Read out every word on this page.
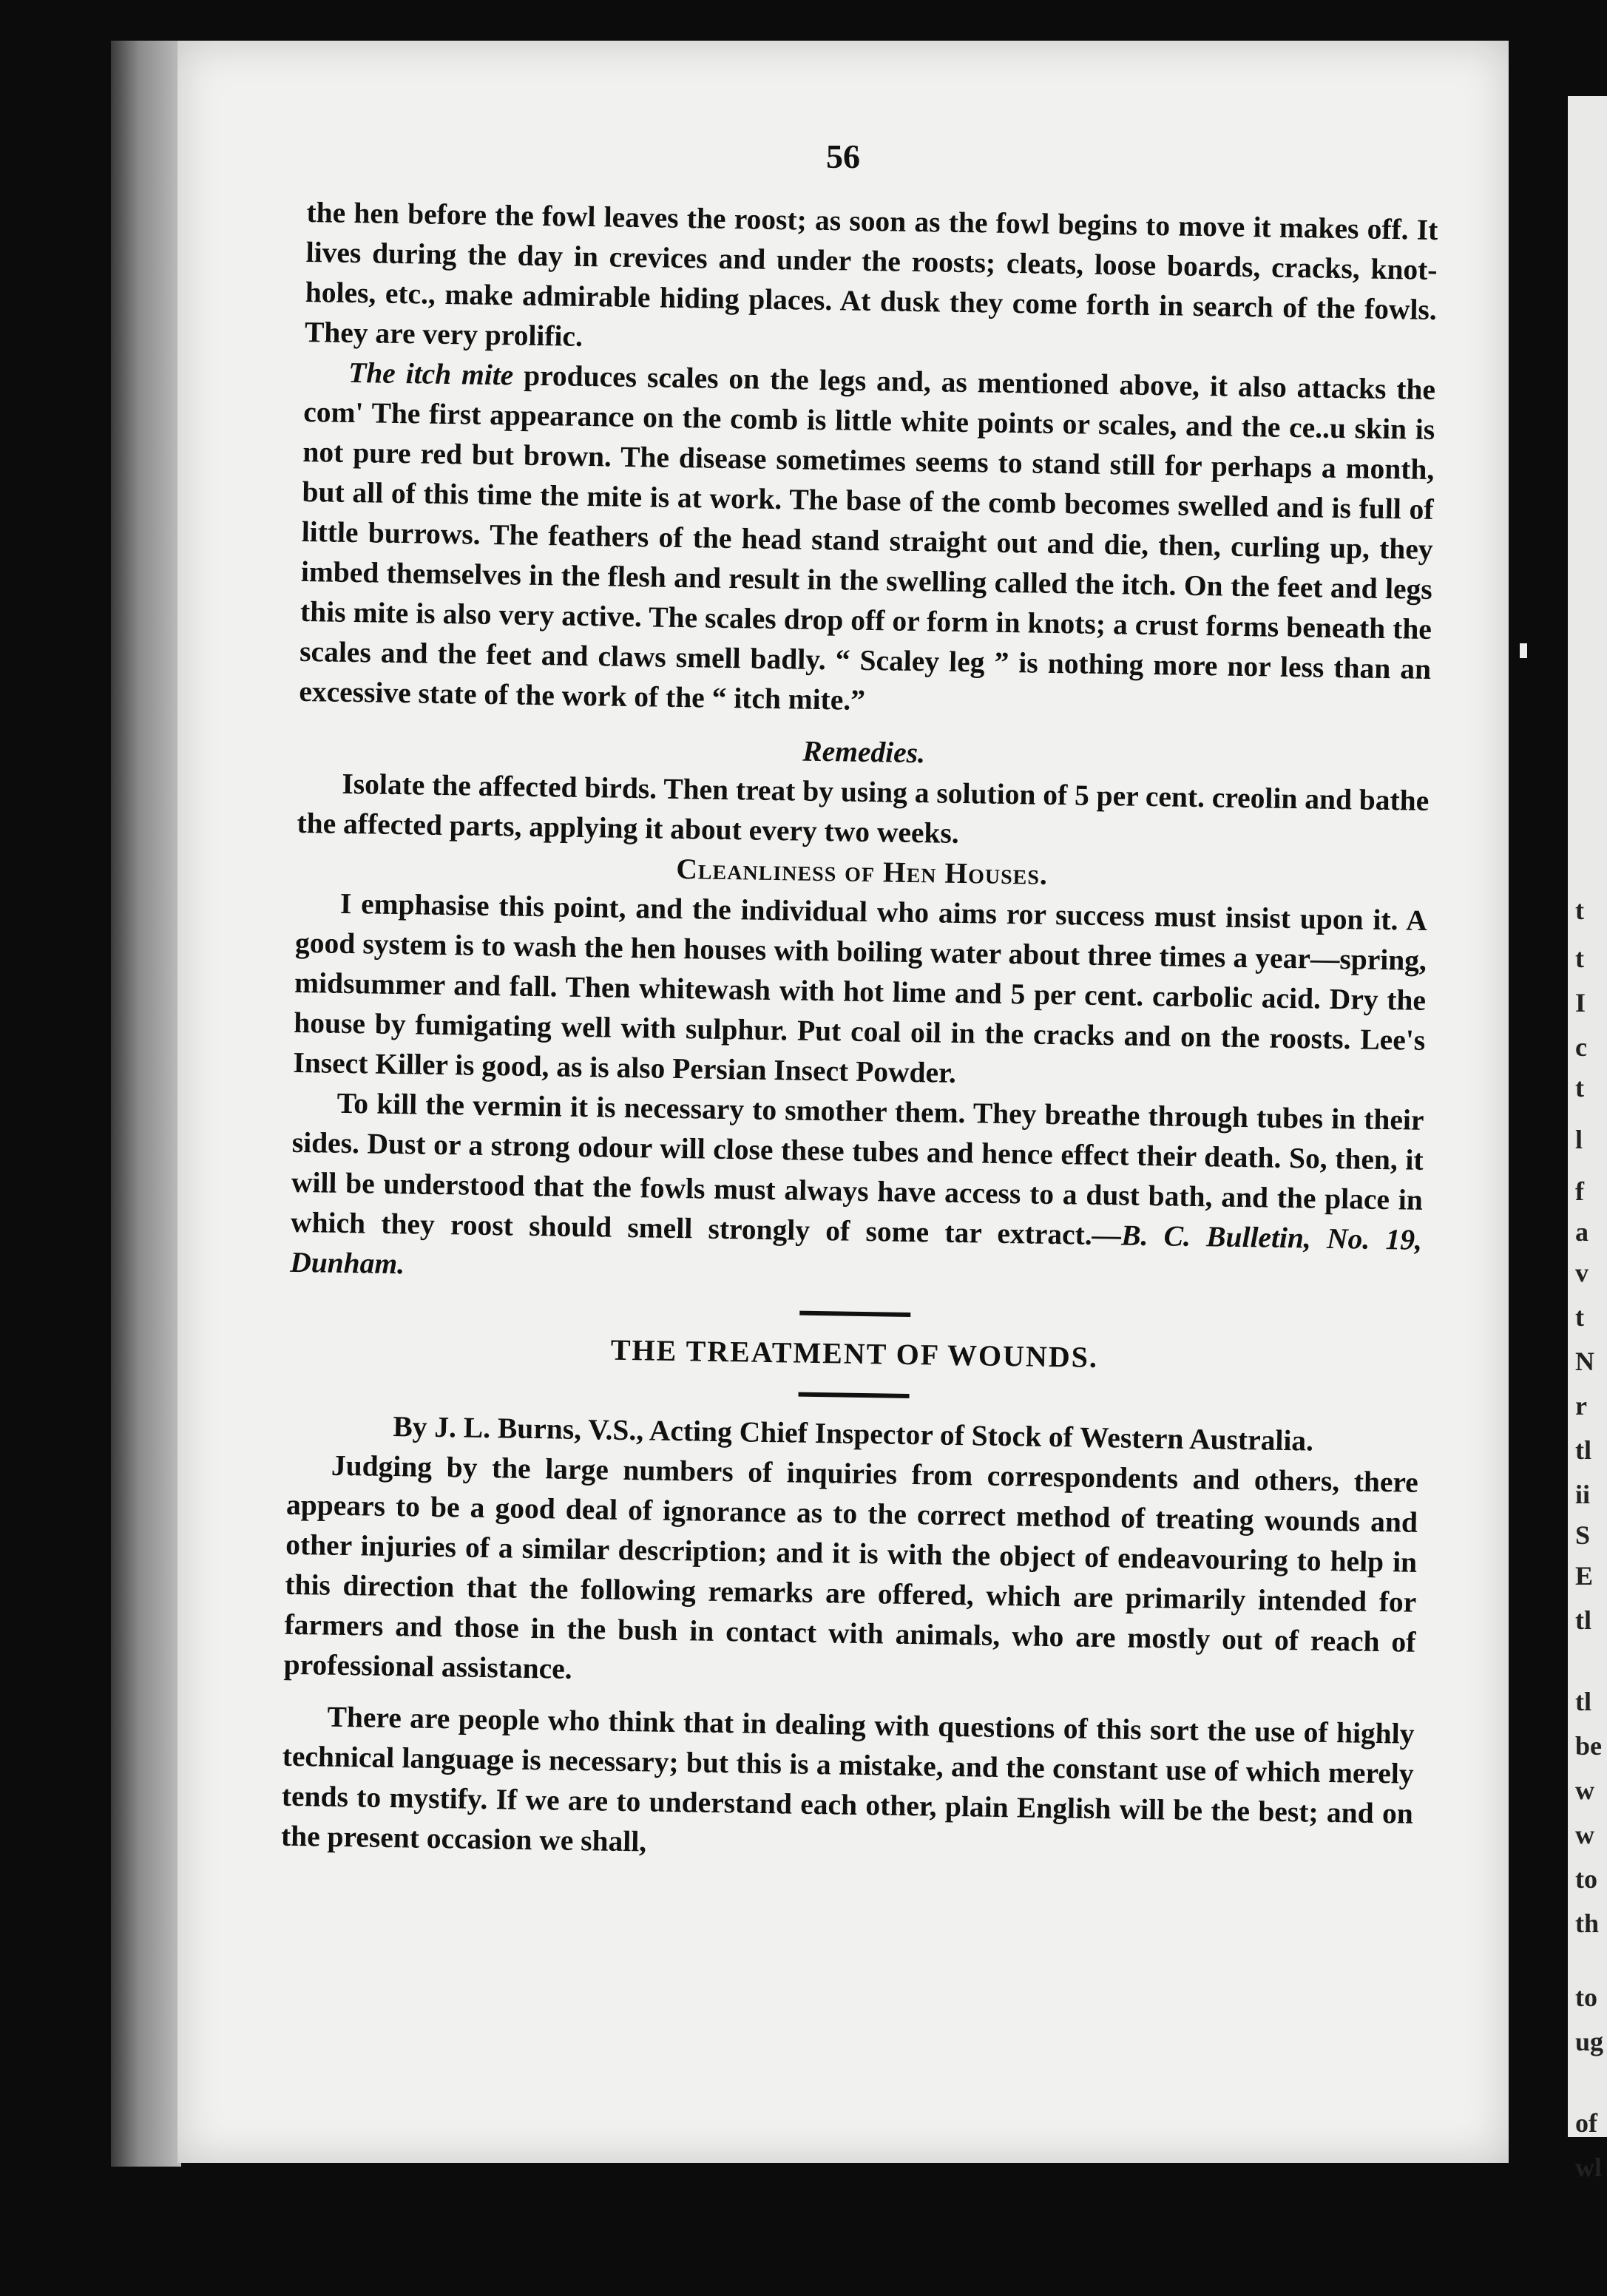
56

the hen before the fowl leaves the roost; as soon as the fowl begins to move it makes off. It lives during the day in crevices and under the roosts; cleats, loose boards, cracks, knot-holes, etc., make admirable hiding places. At dusk they come forth in search of the fowls. They are very prolific.

The itch mite produces scales on the legs and, as mentioned above, it also attacks the com' The first appearance on the comb is little white points or scales, and the ce..u skin is not pure red but brown. The disease sometimes seems to stand still for perhaps a month, but all of this time the mite is at work. The base of the comb becomes swelled and is full of little burrows. The feathers of the head stand straight out and die, then, curling up, they imbed themselves in the flesh and result in the swelling called the itch. On the feet and legs this mite is also very active. The scales drop off or form in knots; a crust forms beneath the scales and the feet and claws smell badly. “ Scaley leg ” is nothing more nor less than an excessive state of the work of the “ itch mite.”

Remedies.

Isolate the affected birds. Then treat by using a solution of 5 per cent. creolin and bathe the affected parts, applying it about every two weeks.

Cleanliness of Hen Houses.

I emphasise this point, and the individual who aims ror success must insist upon it. A good system is to wash the hen houses with boiling water about three times a year—spring, midsummer and fall. Then whitewash with hot lime and 5 per cent. carbolic acid. Dry the house by fumigating well with sulphur. Put coal oil in the cracks and on the roosts. Lee's Insect Killer is good, as is also Persian Insect Powder.

To kill the vermin it is necessary to smother them. They breathe through tubes in their sides. Dust or a strong odour will close these tubes and hence effect their death. So, then, it will be understood that the fowls must always have access to a dust bath, and the place in which they roost should smell strongly of some tar extract.—B. C. Bulletin, No. 19, Dunham.

THE TREATMENT OF WOUNDS.

By J. L. Burns, V.S., Acting Chief Inspector of Stock of Western Australia.

Judging by the large numbers of inquiries from correspondents and others, there appears to be a good deal of ignorance as to the correct method of treating wounds and other injuries of a similar description; and it is with the object of endeavouring to help in this direction that the following remarks are offered, which are primarily intended for farmers and those in the bush in contact with animals, who are mostly out of reach of professional assistance.

There are people who think that in dealing with questions of this sort the use of highly technical language is necessary; but this is a mistake, and the constant use of which merely tends to mystify. If we are to understand each other, plain English will be the best; and on the present occasion we shall,

t
t
I
c
t
l
f
a
v
t
N
r
tl
ii
S
E
tl
tl
be
w
w
to
th
to
ug
of
wl
